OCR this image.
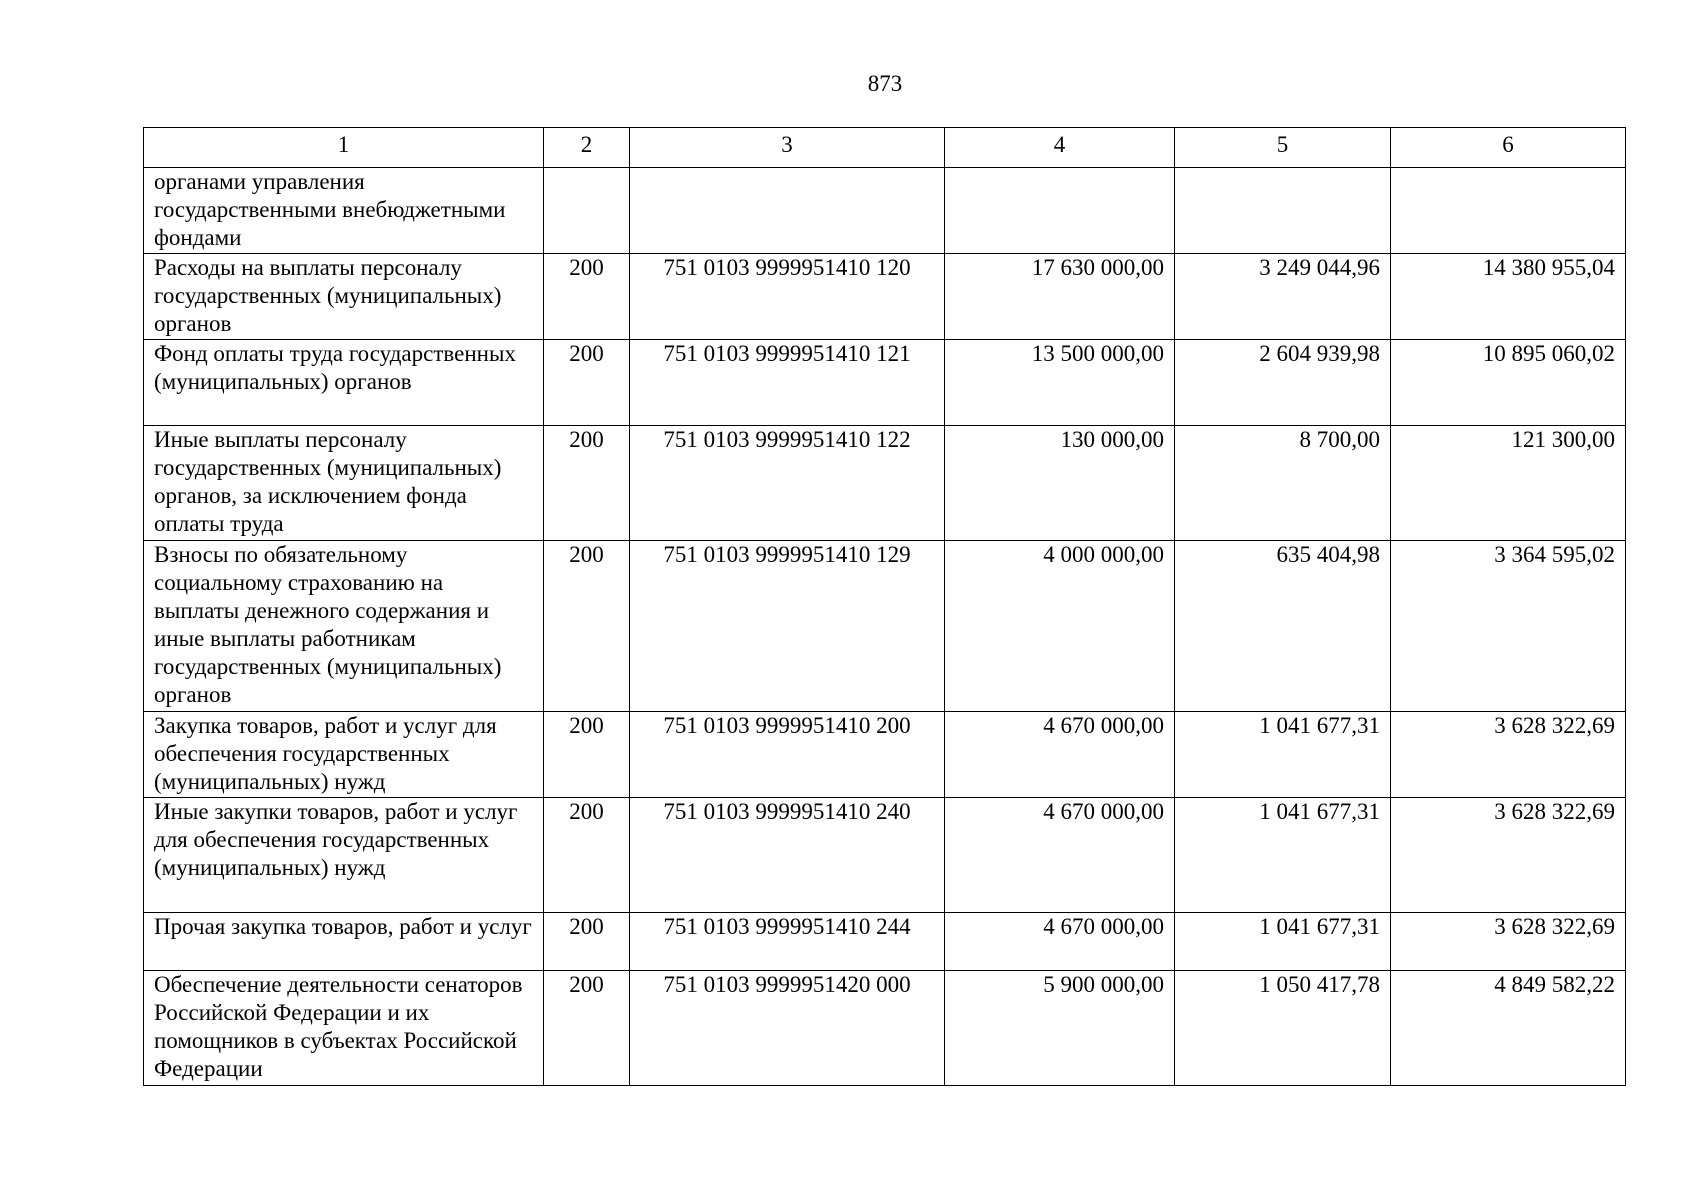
873
1	2	3	4	5	6
органами управления государственными внебюджетными фондами					
Расходы на выплаты персоналу государственных (муниципальных) органов	200	751 0103 9999951410 120	17 630 000,00	3 249 044,96	14 380 955,04
Фонд оплаты труда государственных (муниципальных) органов	200	751 0103 9999951410 121	13 500 000,00	2 604 939,98	10 895 060,02
Иные выплаты персоналу государственных (муниципальных) органов, за исключением фонда оплаты труда	200	751 0103 9999951410 122	130 000,00	8 700,00	121 300,00
Взносы по обязательному социальному страхованию на выплаты денежного содержания и иные выплаты работникам государственных (муниципальных) органов	200	751 0103 9999951410 129	4 000 000,00	635 404,98	3 364 595,02
Закупка товаров, работ и услуг для обеспечения государственных (муниципальных) нужд	200	751 0103 9999951410 200	4 670 000,00	1 041 677,31	3 628 322,69
Иные закупки товаров, работ и услуг для обеспечения государственных (муниципальных) нужд	200	751 0103 9999951410 240	4 670 000,00	1 041 677,31	3 628 322,69
Прочая закупка товаров, работ и услуг	200	751 0103 9999951410 244	4 670 000,00	1 041 677,31	3 628 322,69
Обеспечение деятельности сенаторов Российской Федерации и их помощников в субъектах Российской Федерации	200	751 0103 9999951420 000	5 900 000,00	1 050 417,78	4 849 582,22
